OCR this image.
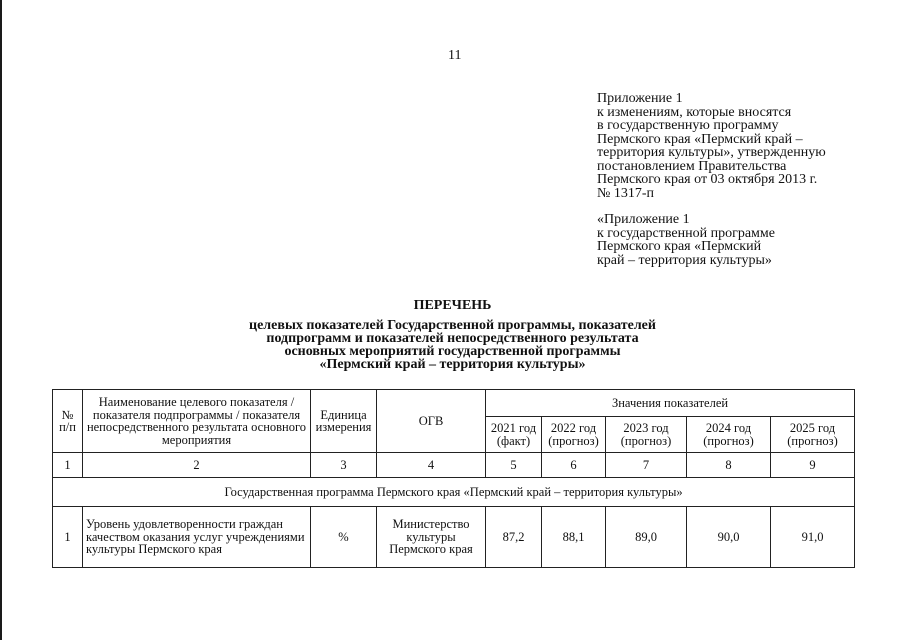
11
Приложение 1
к изменениям, которые вносятся
в государственную программу
Пермского края «Пермский край –
территория культуры», утвержденную
постановлением Правительства
Пермского края от 03 октября 2013 г.
№ 1317-п
«Приложение 1
к государственной программе
Пермского края «Пермский
край – территория культуры»
ПЕРЕЧЕНЬ
целевых показателей Государственной программы, показателей
подпрограмм и показателей непосредственного результата
основных мероприятий государственной программы
«Пермский край – территория культуры»
№ п/п	Наименование целевого показателя / показателя подпрограммы / показателя непосредственного результата основного мероприятия	Единица измерения	ОГВ	Значения показателей				
				2021 год (факт)	2022 год (прогноз)	2023 год (прогноз)	2024 год (прогноз)	2025 год (прогноз)
1	2	3	4	5	6	7	8	9
Государственная программа Пермского края «Пермский край – территория культуры»								
1	Уровень удовлетворенности граждан качеством оказания услуг учреждениями культуры Пермского края	%	Министерство культуры Пермского края	87,2	88,1	89,0	90,0	91,0
